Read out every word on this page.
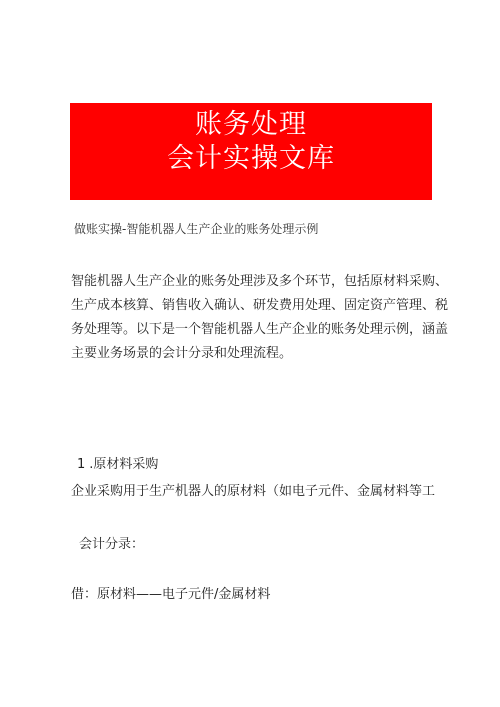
账务处理
会计实操文库
做账实操-智能机器人生产企业的账务处理示例

智能机器人生产企业的账务处理涉及多个环节，包括原材料采购、

生产成本核算、销售收入确认、研发费用处理、固定资产管理、税

务处理等。以下是一个智能机器人生产企业的账务处理示例，涵盖

主要业务场景的会计分录和处理流程。

1 .原材料采购
企业采购用于生产机器人的原材料（如电子元件、金属材料等工
会计分录：
借：原材料——电子元件/金属材料
